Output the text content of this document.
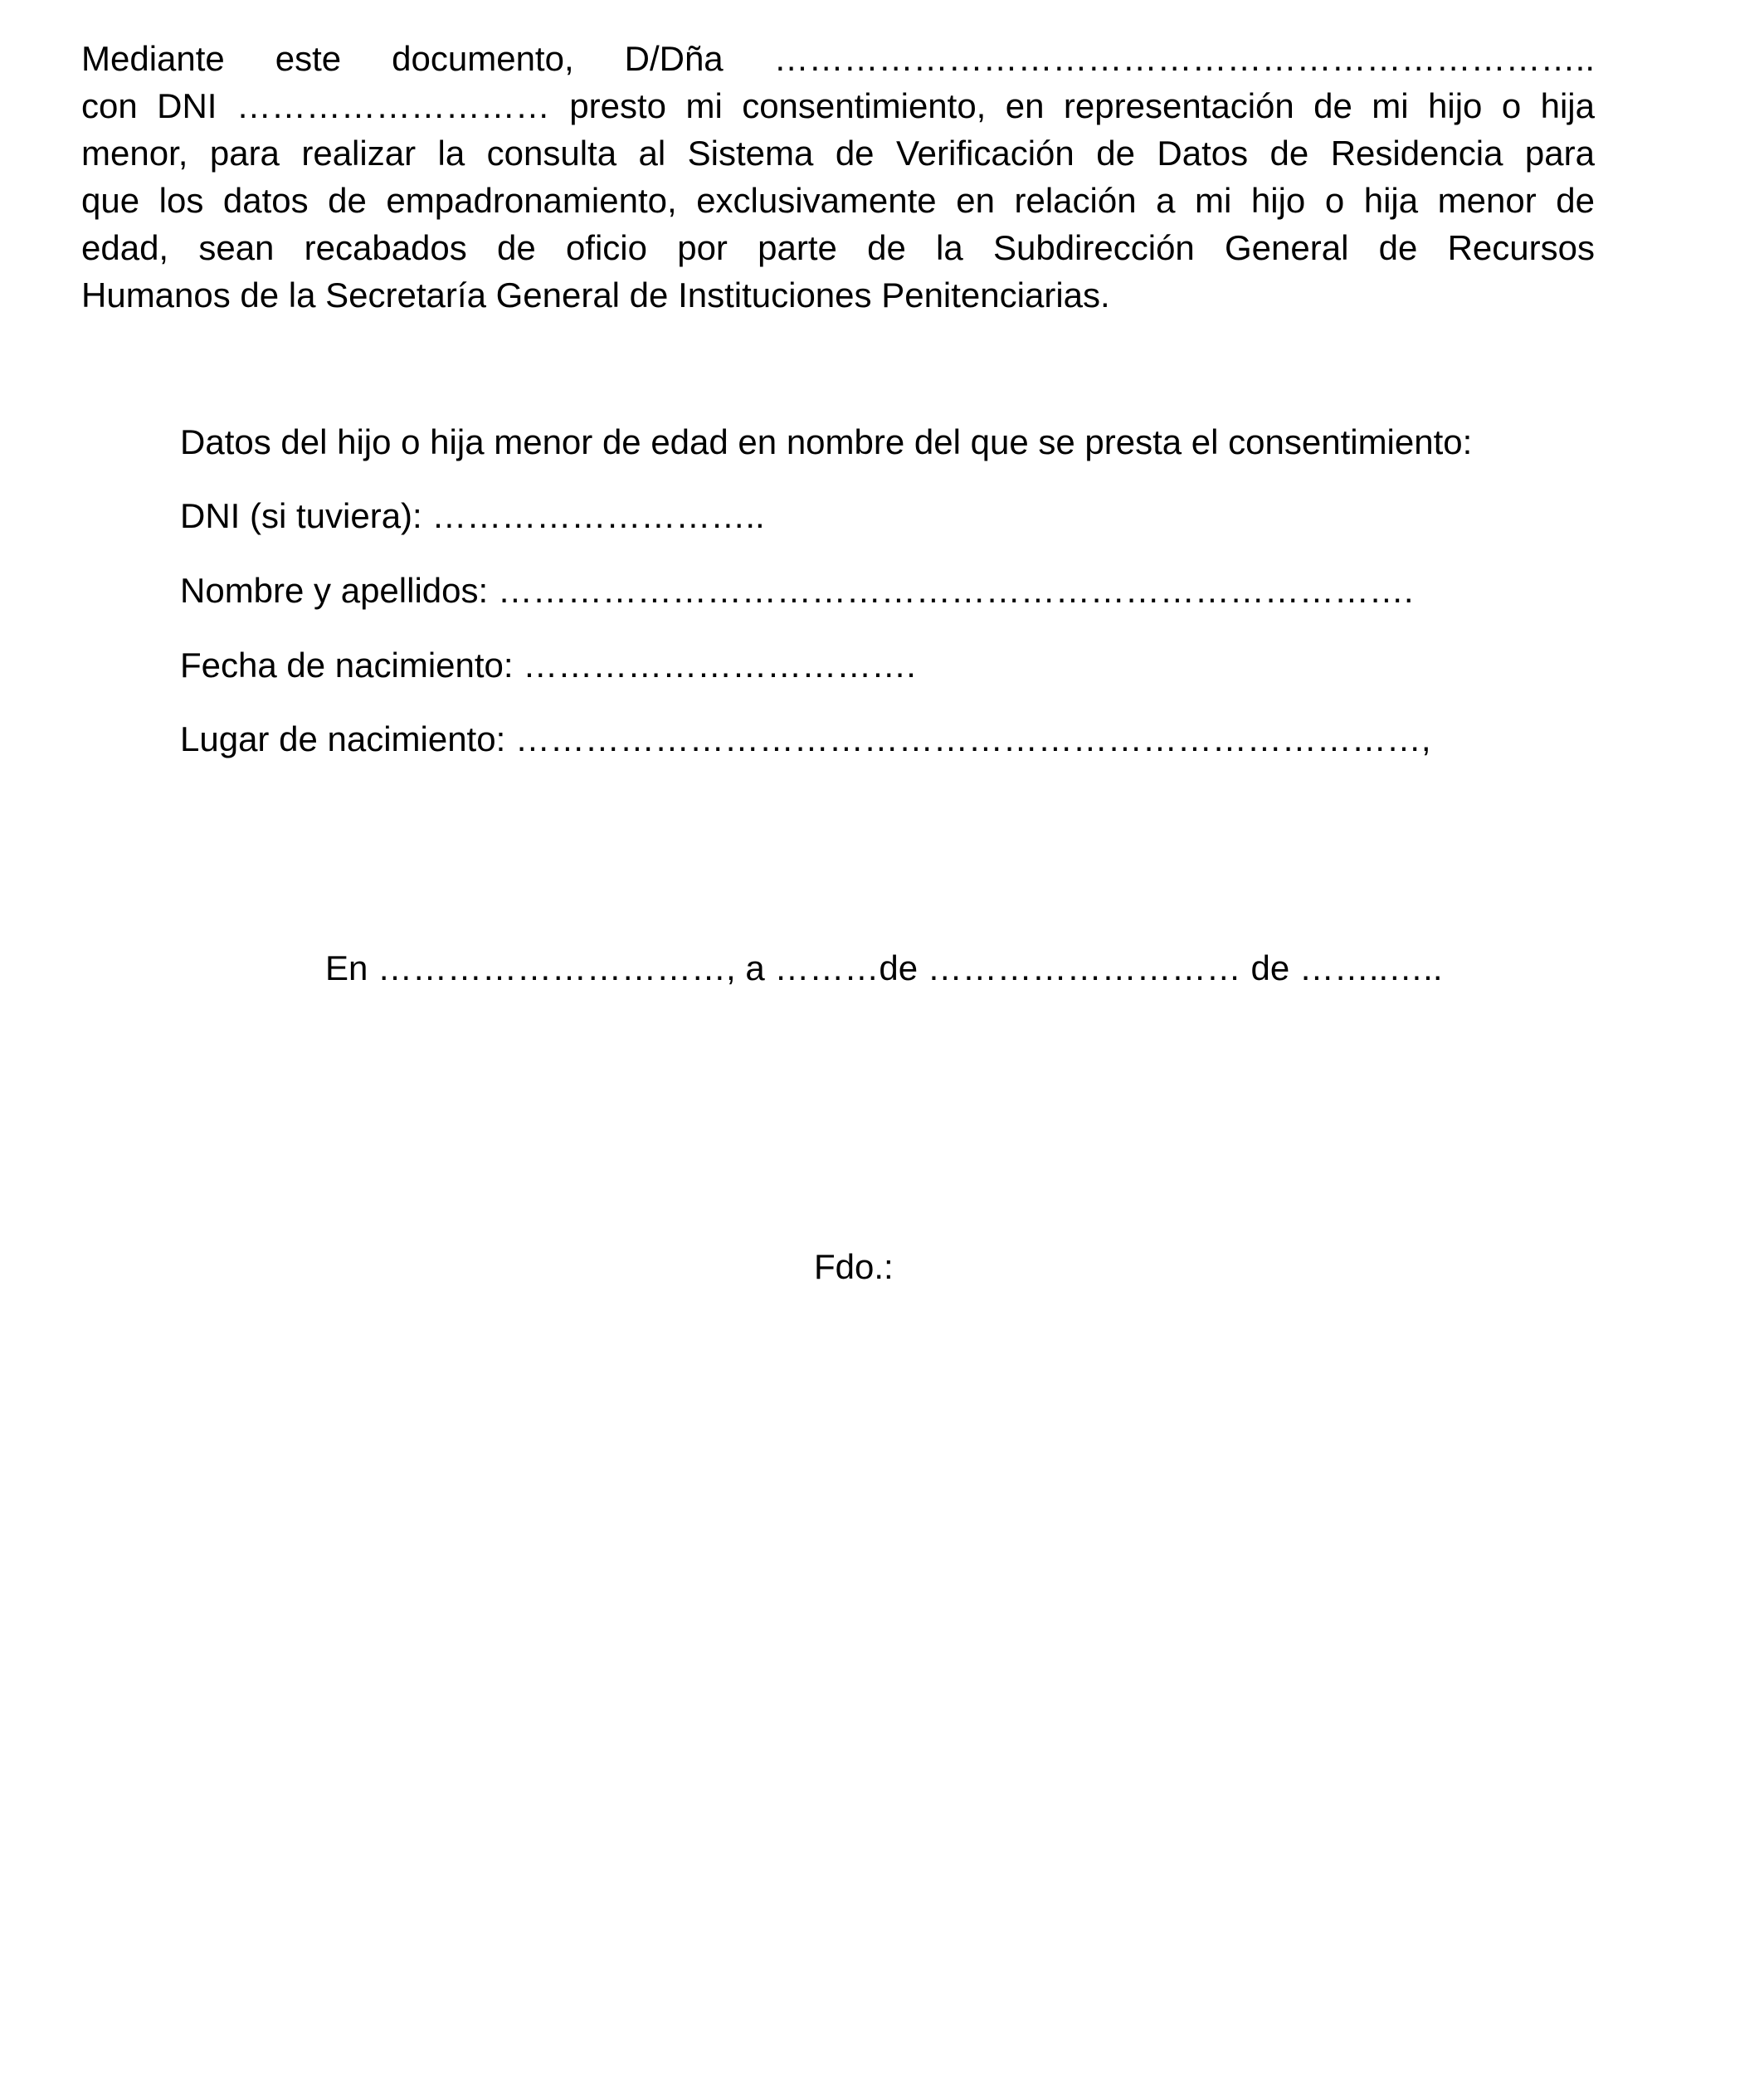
Mediante este documento, D/Dña ……………………………………………………………..
con DNI ……………………… presto mi consentimiento, en representación de mi hijo o hija
menor, para realizar la consulta al Sistema de Verificación de Datos de Residencia para
que los datos de empadronamiento, exclusivamente en relación a mi hijo o hija menor de
edad, sean recabados de oficio por parte de la Subdirección General de Recursos
Humanos de la Secretaría General de Instituciones Penitenciarias.
Datos del hijo o hija menor de edad en nombre del que se presta el consentimiento:
DNI (si tuviera): ………………………..
Nombre y apellidos: …………………………………………………………………….
Fecha de nacimiento: …………………………….
Lugar de nacimiento: ……………………………………………………………………,
En …………………………, a ………de ……………………… de ……..…..
Fdo.:
